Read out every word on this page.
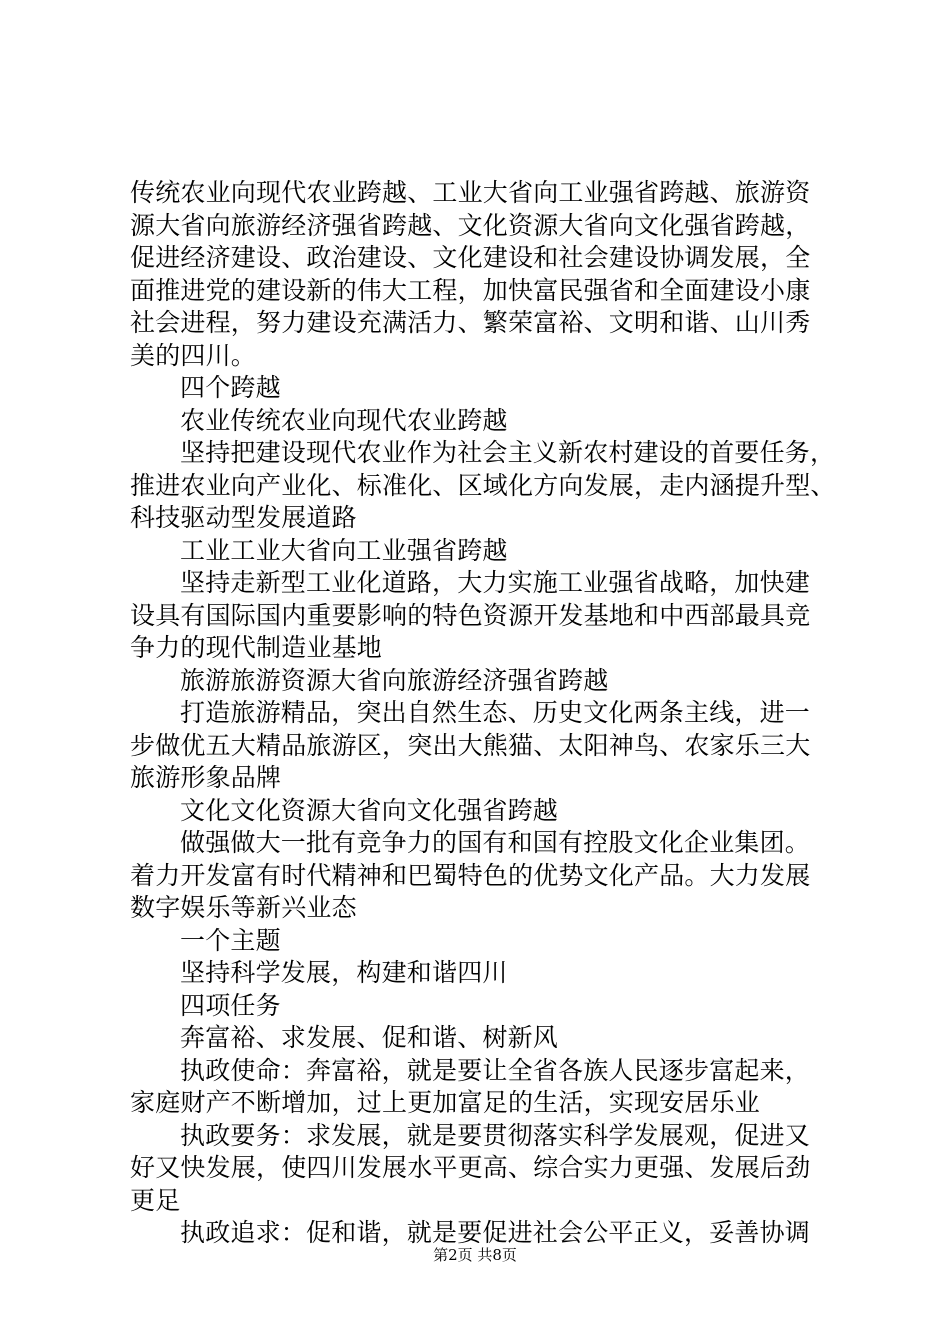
传统农业向现代农业跨越、工业大省向工业强省跨越、旅游资
源大省向旅游经济强省跨越、文化资源大省向文化强省跨越，
促进经济建设、政治建设、文化建设和社会建设协调发展，全
面推进党的建设新的伟大工程，加快富民强省和全面建设小康
社会进程，努力建设充满活力、繁荣富裕、文明和谐、山川秀
美的四川。
四个跨越
农业传统农业向现代农业跨越
坚持把建设现代农业作为社会主义新农村建设的首要任务，
推进农业向产业化、标准化、区域化方向发展，走内涵提升型、
科技驱动型发展道路
工业工业大省向工业强省跨越
坚持走新型工业化道路，大力实施工业强省战略，加快建
设具有国际国内重要影响的特色资源开发基地和中西部最具竞
争力的现代制造业基地
旅游旅游资源大省向旅游经济强省跨越
打造旅游精品，突出自然生态、历史文化两条主线，进一
步做优五大精品旅游区，突出大熊猫、太阳神鸟、农家乐三大
旅游形象品牌
文化文化资源大省向文化强省跨越
做强做大一批有竞争力的国有和国有控股文化企业集团。
着力开发富有时代精神和巴蜀特色的优势文化产品。大力发展
数字娱乐等新兴业态
一个主题
坚持科学发展，构建和谐四川
四项任务
奔富裕、求发展、促和谐、树新风
执政使命：奔富裕，就是要让全省各族人民逐步富起来，
家庭财产不断增加，过上更加富足的生活，实现安居乐业
执政要务：求发展，就是要贯彻落实科学发展观，促进又
好又快发展，使四川发展水平更高、综合实力更强、发展后劲
更足
执政追求：促和谐，就是要促进社会公平正义，妥善协调
第2页 共8页
